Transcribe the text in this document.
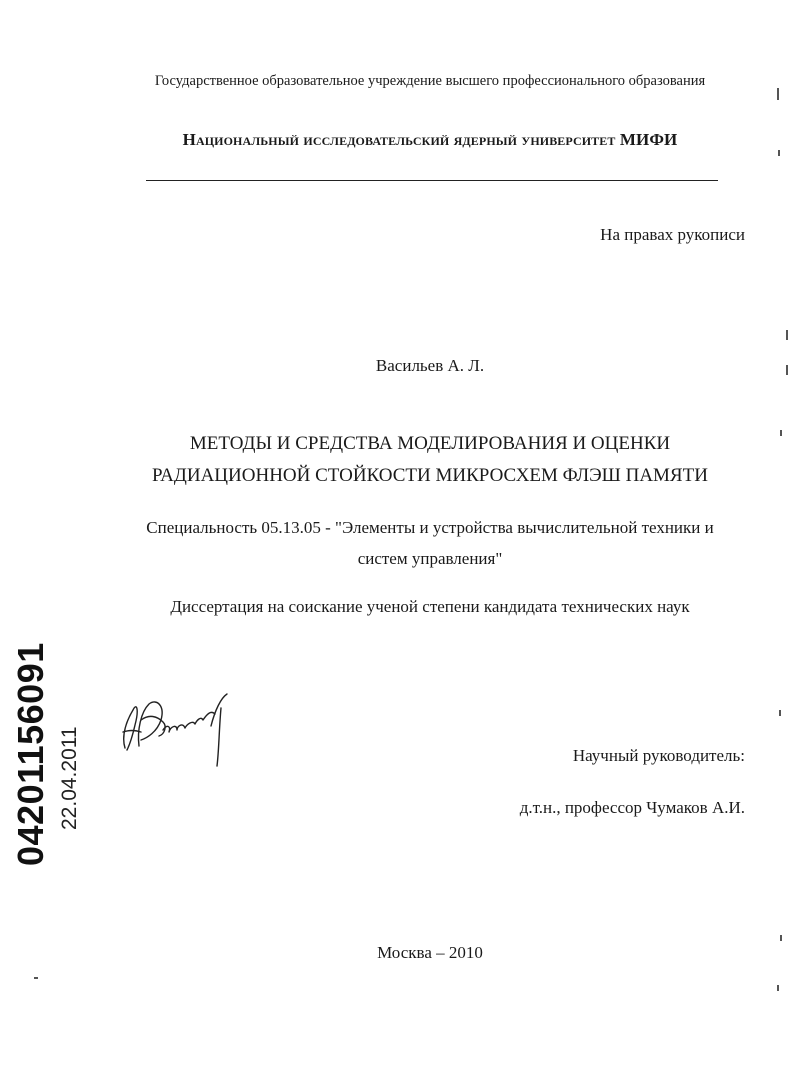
Государственное образовательное учреждение высшего профессионального образования
Национальный исследовательский ядерный университет МИФИ
На правах рукописи
Васильев А. Л.
МЕТОДЫ И СРЕДСТВА МОДЕЛИРОВАНИЯ И ОЦЕНКИ
РАДИАЦИОННОЙ СТОЙКОСТИ МИКРОСХЕМ ФЛЭШ ПАМЯТИ
Специальность 05.13.05 - "Элементы и устройства вычислительной техники и
систем управления"
Диссертация на соискание ученой степени кандидата технических наук
04201156091 22.04.2011	Научный руководитель:
д.т.н., профессор Чумаков А.И.
Москва – 2010
